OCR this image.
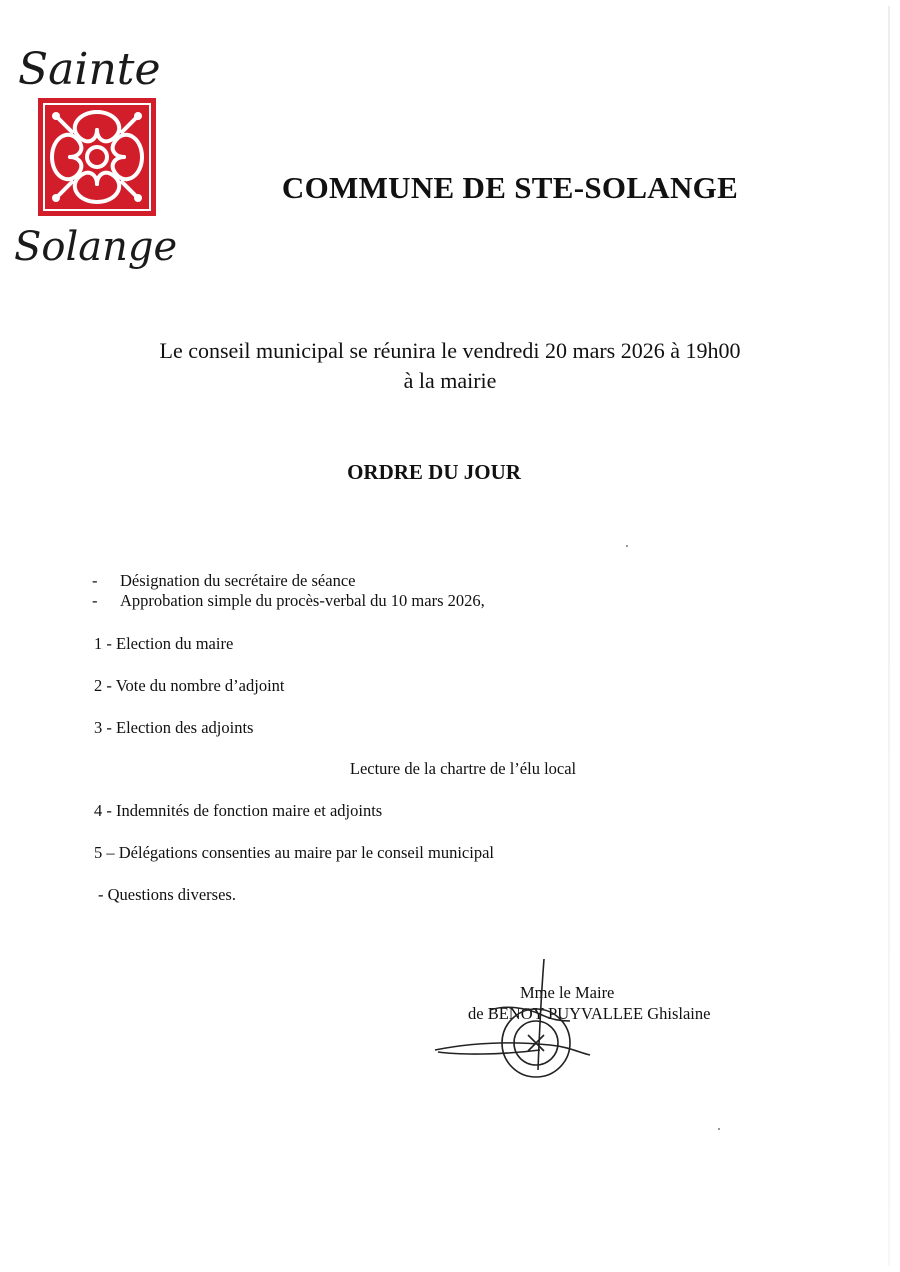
Sainte
Solange
COMMUNE DE STE-SOLANGE
Le conseil municipal se réunira le vendredi 20 mars 2026 à 19h00
à la mairie
ORDRE DU JOUR
-	Désignation du secrétaire de séance
-	Approbation simple du procès-verbal du 10 mars 2026,
1 - Election du maire
2 - Vote du nombre d’adjoint
3 - Election des adjoints
Lecture de la chartre de l’élu local
4 - Indemnités de fonction maire et adjoints
5 – Délégations consenties au maire par le conseil municipal
- Questions diverses.
Mme le Maire
de BENOY PUYVALLEE Ghislaine
